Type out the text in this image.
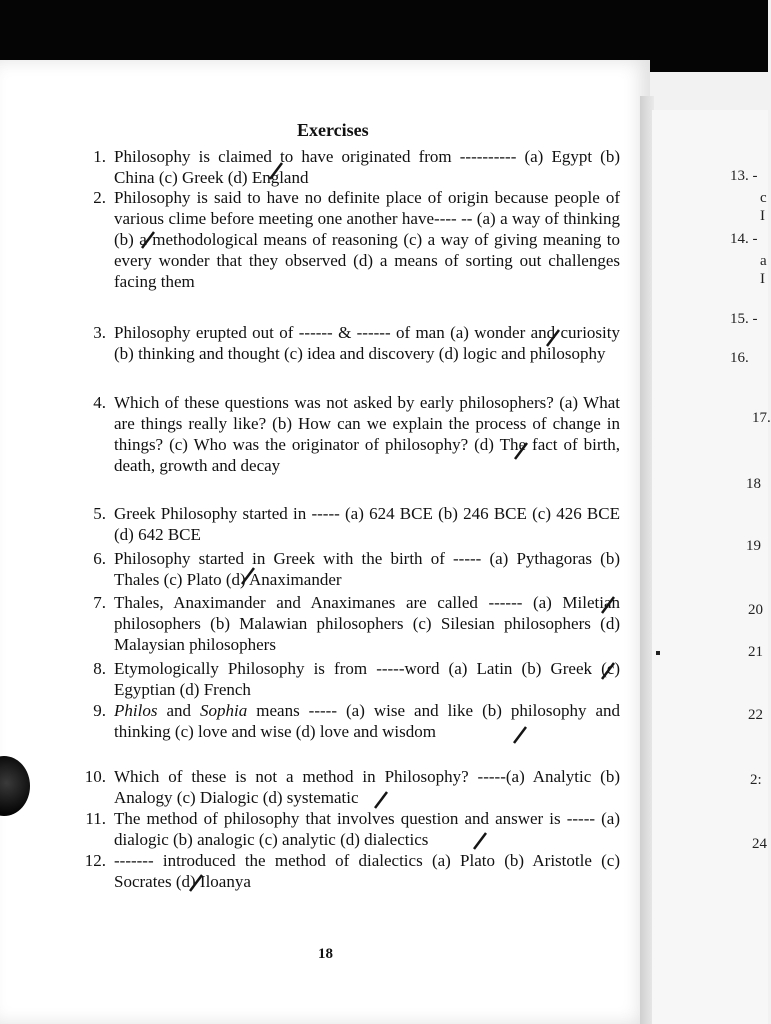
Exercises
1. Philosophy is claimed to have originated from ---------- (a) Egypt (b) China (c) Greek (d) England
2. Philosophy is said to have no definite place of origin because people of various clime before meeting one another have---- -- (a) a way of thinking (b) a methodological means of reasoning (c) a way of giving meaning to every wonder that they observed (d) a means of sorting out challenges facing them
3. Philosophy erupted out of ------ & ------ of man (a) wonder and curiosity (b) thinking and thought (c) idea and discovery (d) logic and philosophy
4. Which of these questions was not asked by early philosophers? (a) What are things really like? (b) How can we explain the process of change in things? (c) Who was the originator of philosophy? (d) The fact of birth, death, growth and decay
5. Greek Philosophy started in ----- (a) 624 BCE (b) 246 BCE (c) 426 BCE (d) 642 BCE
6. Philosophy started in Greek with the birth of ----- (a) Pythagoras (b) Thales (c) Plato (d) Anaximander
7. Thales, Anaximander and Anaximanes are called ------ (a) Miletian philosophers (b) Malawian philosophers (c) Silesian philosophers (d) Malaysian philosophers
8. Etymologically Philosophy is from -----word (a) Latin (b) Greek (c) Egyptian (d) French
9. Philos and Sophia means ----- (a) wise and like (b) philosophy and thinking (c) love and wise (d) love and wisdom
10. Which of these is not a method in Philosophy? -----(a) Analytic (b) Analogy (c) Dialogic (d) systematic
11. The method of philosophy that involves question and answer is ----- (a) dialogic (b) analogic (c) analytic (d) dialectics
12. ------- introduced the method of dialectics (a) Plato (b) Aristotle (c) Socrates (d) Iloanya
18
13. -
c
I
14. -
a
I
15. -
16.
17.
18
19
20
21
22
2:
24
